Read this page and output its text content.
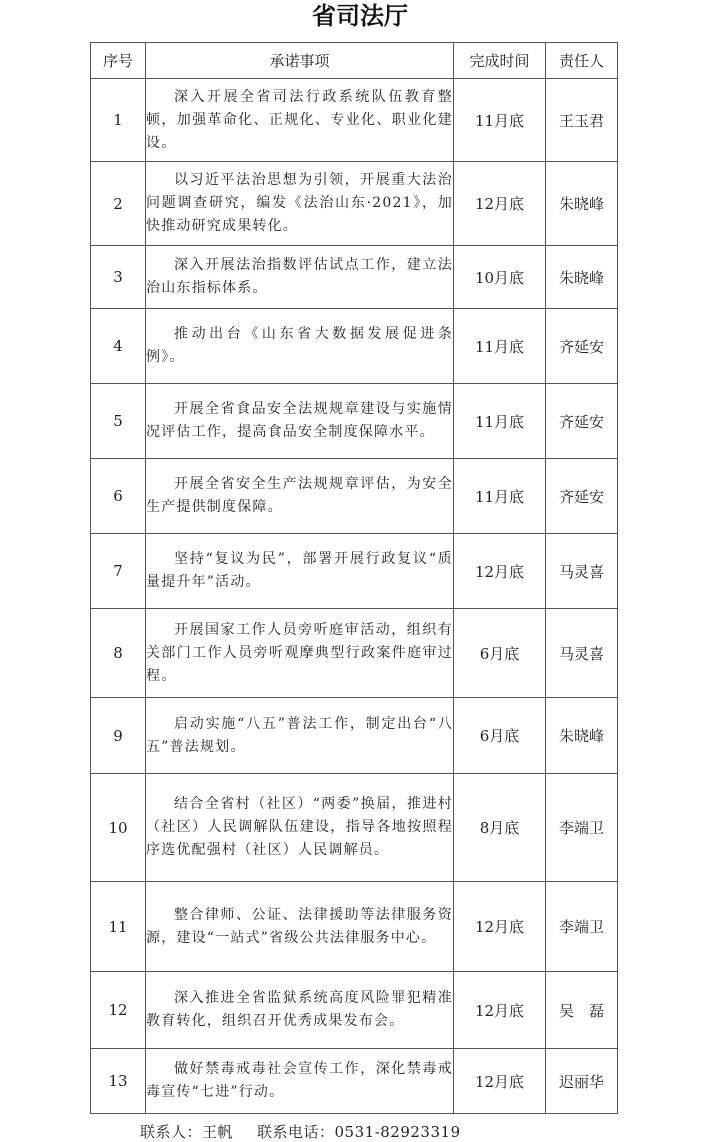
省司法厅
序号	承诺事项	完成时间	责任人
1	深入开展全省司法行政系统队伍教育整顿，加强革命化、正规化、专业化、职业化建设。	11月底	王玉君
2	以习近平法治思想为引领，开展重大法治问题调查研究，编发《法治山东·2021》，加快推动研究成果转化。	12月底	朱晓峰
3	深入开展法治指数评估试点工作，建立法治山东指标体系。	10月底	朱晓峰
4	推动出台《山东省大数据发展促进条例》。	11月底	齐延安
5	开展全省食品安全法规规章建设与实施情况评估工作，提高食品安全制度保障水平。	11月底	齐延安
6	开展全省安全生产法规规章评估，为安全生产提供制度保障。	11月底	齐延安
7	坚持“复议为民”，部署开展行政复议“质量提升年”活动。	12月底	马灵喜
8	开展国家工作人员旁听庭审活动，组织有关部门工作人员旁听观摩典型行政案件庭审过程。	6月底	马灵喜
9	启动实施“八五”普法工作，制定出台“八五”普法规划。	6月底	朱晓峰
10	结合全省村（社区）“两委”换届，推进村（社区）人民调解队伍建设，指导各地按照程序选优配强村（社区）人民调解员。	8月底	李端卫
11	整合律师、公证、法律援助等法律服务资源，建设“一站式”省级公共法律服务中心。	12月底	李端卫
12	深入推进全省监狱系统高度风险罪犯精准教育转化，组织召开优秀成果发布会。	12月底	吴　磊
13	做好禁毒戒毒社会宣传工作，深化禁毒戒毒宣传“七进”行动。	12月底	迟丽华
联系人：王帆 联系电话：0531-82923319
